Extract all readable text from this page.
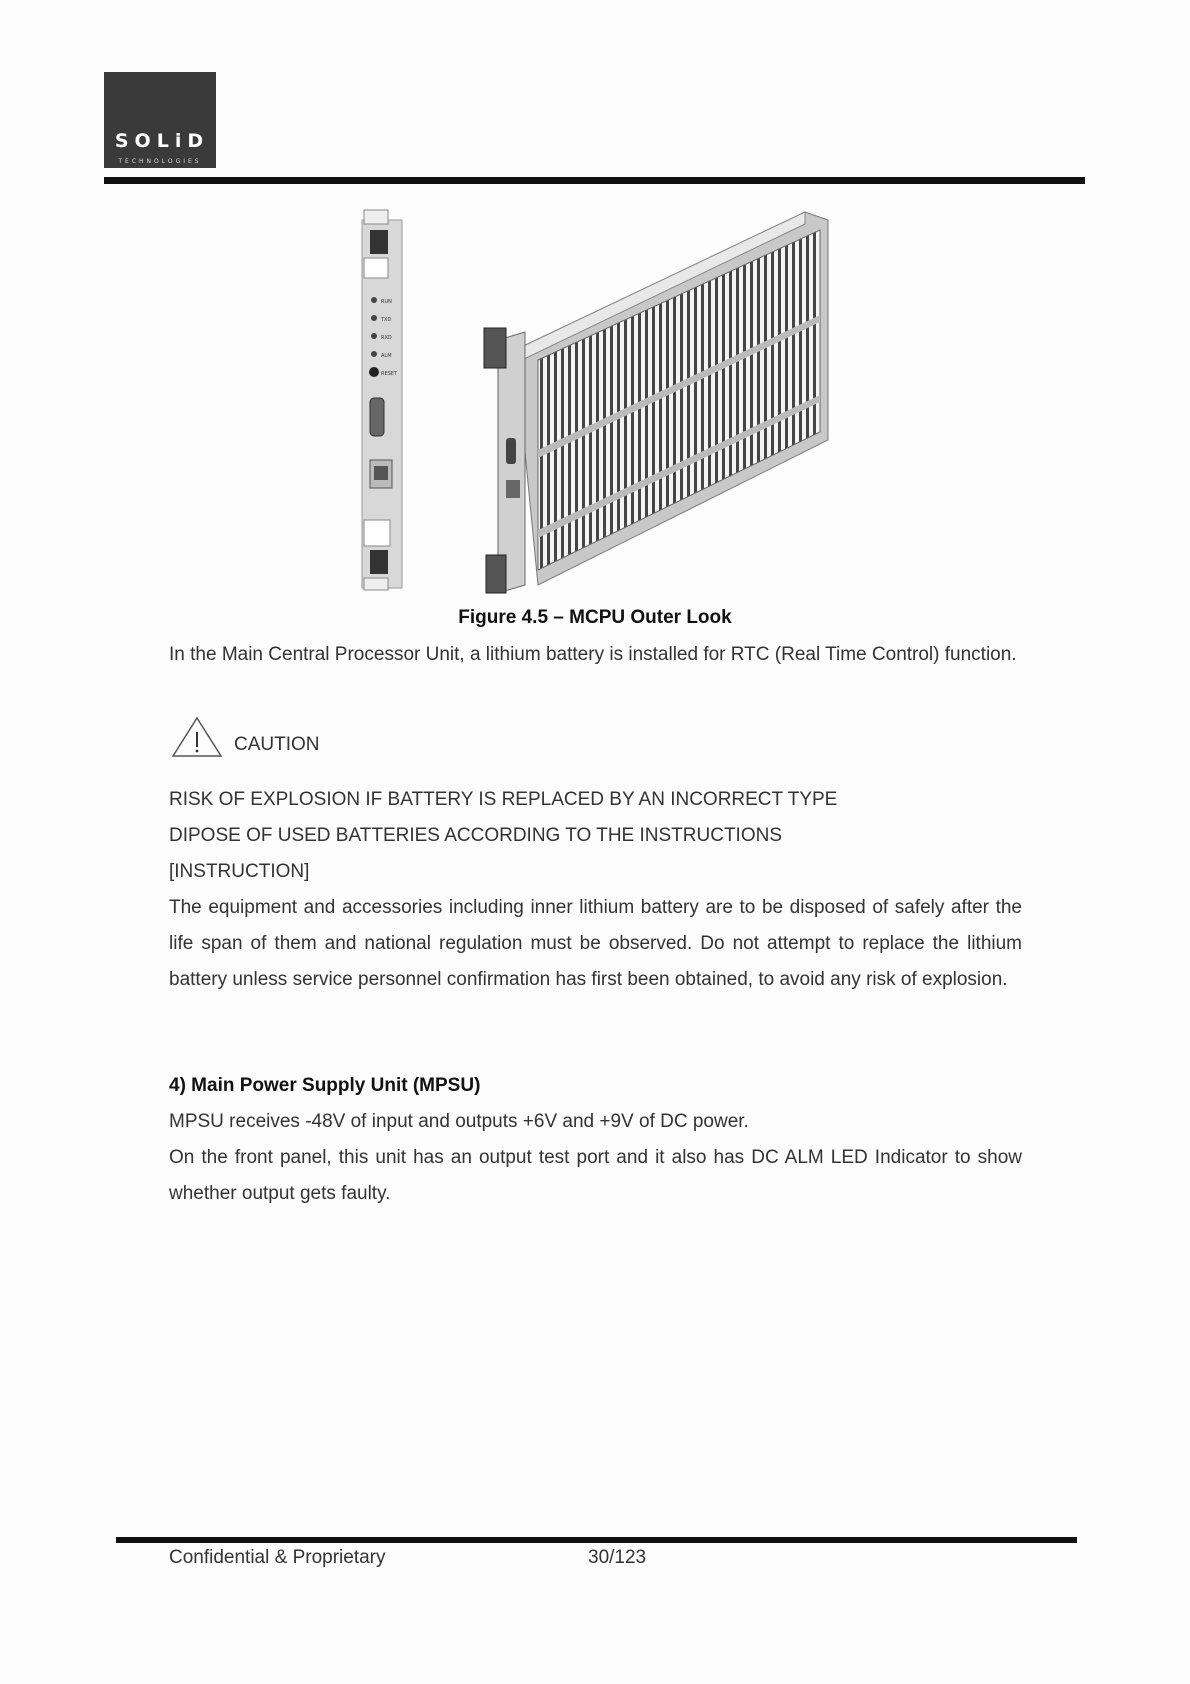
SOLiD
TECHNOLOGIES
RUN
TXD
RXD
ALM
RESET
Figure 4.5 – MCPU Outer Look
In the Main Central Processor Unit, a lithium battery is installed for RTC (Real Time Control) function.
CAUTION
RISK OF EXPLOSION IF BATTERY IS REPLACED BY AN INCORRECT TYPE
DIPOSE OF USED BATTERIES ACCORDING TO THE INSTRUCTIONS
[INSTRUCTION]
The equipment and accessories including inner lithium battery are to be disposed of safely after the life span of them and national regulation must be observed. Do not attempt to replace the lithium battery unless service personnel confirmation has first been obtained, to avoid any risk of explosion.
4) Main Power Supply Unit (MPSU)
MPSU receives -48V of input and outputs +6V and +9V of DC power.
On the front panel, this unit has an output test port and it also has DC ALM LED Indicator to show whether output gets faulty.
Confidential & Proprietary	30/123
